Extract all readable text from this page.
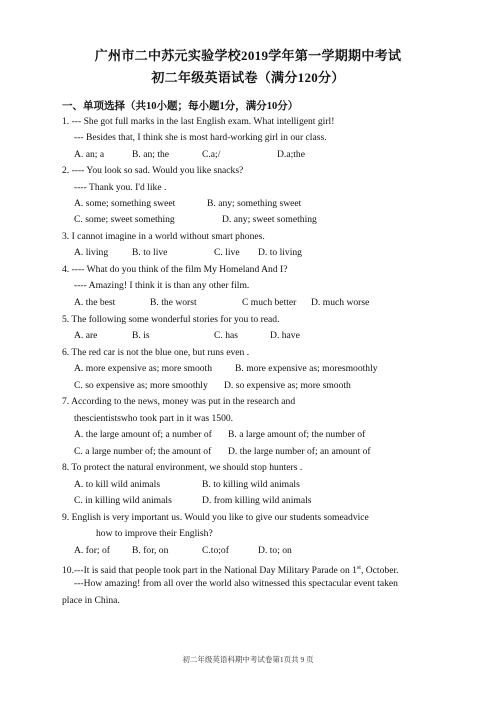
广州市二中苏元实验学校2019学年第一学期期中考试
初二年级英语试卷（满分120分）
一、单项选择（共10小题；每小题1分，满分10分）
1. --- She got full marks in the last English exam. What intelligent girl!
--- Besides that, I think she is most hard-working girl in our class.
A. an; a	B. an; the	C.a;/	D.a;the
2. ---- You look so sad. Would you like snacks?
---- Thank you. I'd like .
A. some; something sweet	B. any; something sweet
C. some; sweet something	D. any; sweet something
3. I cannot imagine in a world without smart phones.
A. living B. to live	C. live D. to living
4. ---- What do you think of the film My Homeland And I?
---- Amazing! I think it is than any other film.
A. the best	B. the worst	C much better D. much worse
5. The following some wonderful stories for you to read.
A. are	B. is	C. has	D. have
6. The red car is not the blue one, but runs even .
A. more expensive as; more smooth B. more expensive as; moresmoothly
C. so expensive as; more smoothly D. so expensive as; more smooth
7. According to the news, money was put in the research and
thescientistswho took part in it was 1500.
A. the large amount of; a number of B. a large amount of; the number of
C. a large number of; the amount of D. the large number of; an amount of
8. To protect the natural environment, we should stop hunters .
A. to kill wild animals	B. to killing wild animals
C. in killing wild animals	D. from killing wild animals
9. English is very important us. Would you like to give our students someadvice
how to improve their English?
A. for; of B. for, on	C.to;of	D. to; on
10.---It is said that people took part in the National Day Military Parade on 1st, October.
---How amazing! from all over the world also witnessed this spectacular event taken
place in China.
初二年级英语科期中考试卷第1页共 9 页
